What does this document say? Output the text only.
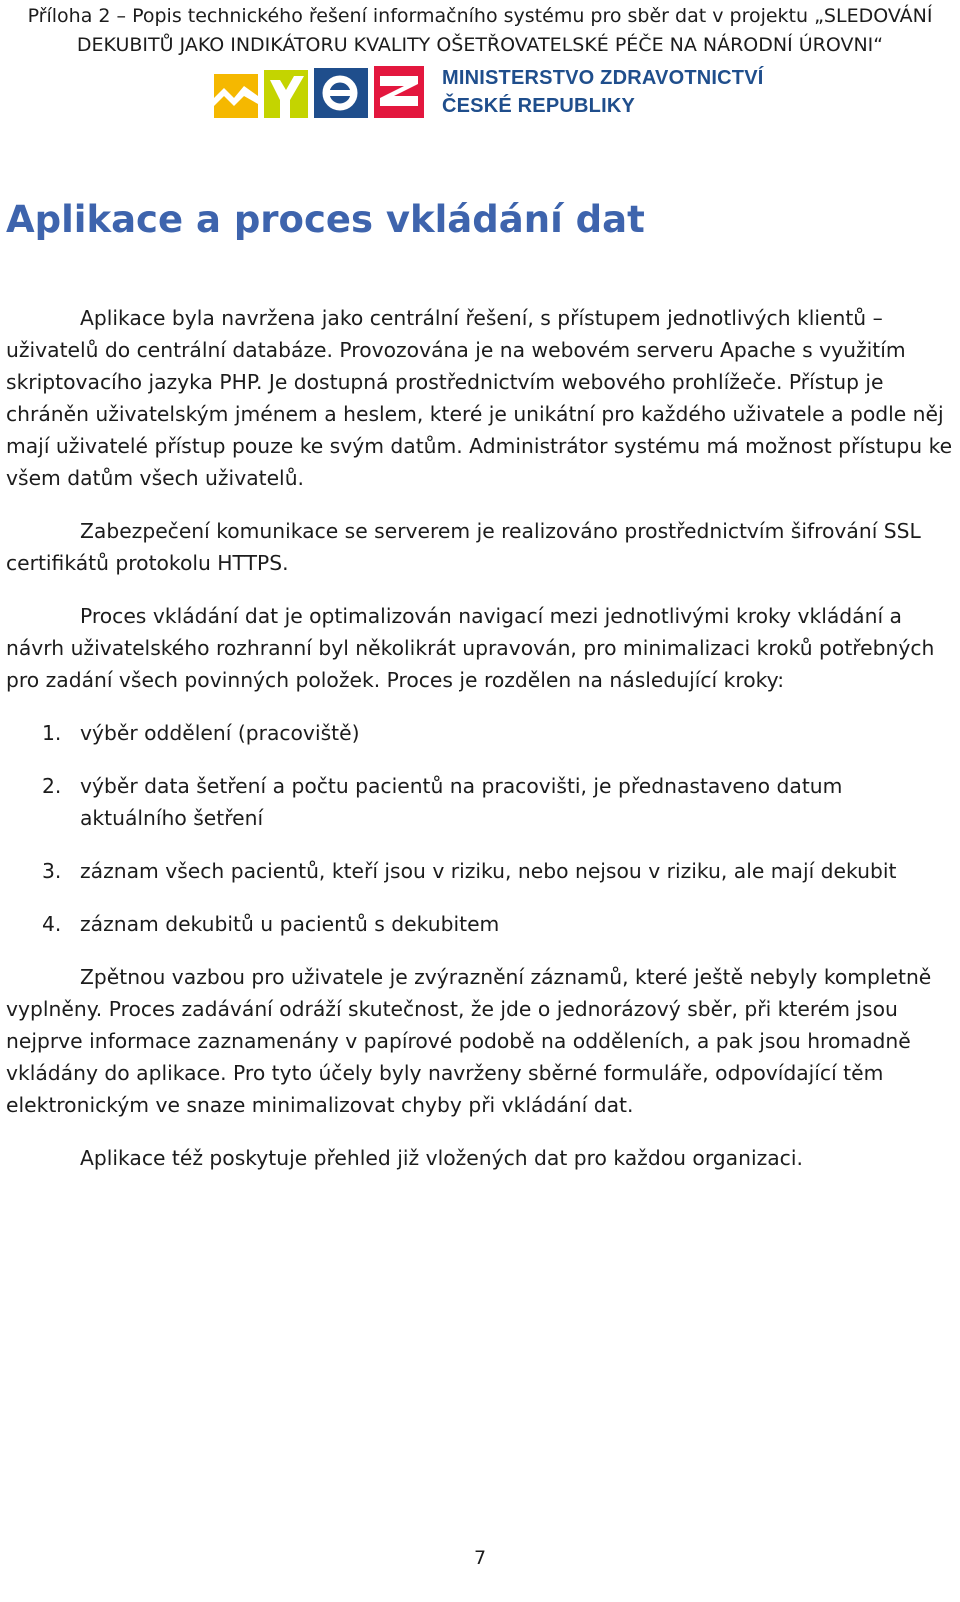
Příloha 2 – Popis technického řešení informačního systému pro sběr dat v projektu „SLEDOVÁNÍ
DEKUBITŮ JAKO INDIKÁTORU KVALITY OŠETŘOVATELSKÉ PÉČE NA NÁRODNÍ ÚROVNI“
MINISTERSTVO ZDRAVOTNICTVÍ
ČESKÉ REPUBLIKY
Aplikace a proces vkládání dat

Aplikace byla navržena jako centrální řešení, s přístupem jednotlivých klientů – uživatelů do centrální databáze. Provozována je na webovém serveru Apache s využitím skriptovacího jazyka PHP. Je dostupná prostřednictvím webového prohlížeče. Přístup je chráněn uživatelským jménem a heslem, které je unikátní pro každého uživatele a podle něj mají uživatelé přístup pouze ke svým datům. Administrátor systému má možnost přístupu ke všem datům všech uživatelů.

Zabezpečení komunikace se serverem je realizováno prostřednictvím šifrování SSL certifikátů protokolu HTTPS.

Proces vkládání dat je optimalizován navigací mezi jednotlivými kroky vkládání a návrh uživatelského rozhranní byl několikrát upravován, pro minimalizaci kroků potřebných pro zadání všech povinných položek. Proces je rozdělen na následující kroky:

1. výběr oddělení (pracoviště)
2. výběr data šetření a počtu pacientů na pracovišti, je přednastaveno datum aktuálního šetření
3. záznam všech pacientů, kteří jsou v riziku, nebo nejsou v riziku, ale mají dekubit
4. záznam dekubitů u pacientů s dekubitem

Zpětnou vazbou pro uživatele je zvýraznění záznamů, které ještě nebyly kompletně vyplněny. Proces zadávání odráží skutečnost, že jde o jednorázový sběr, při kterém jsou nejprve informace zaznamenány v papírové podobě na odděleních, a pak jsou hromadně vkládány do aplikace. Pro tyto účely byly navrženy sběrné formuláře, odpovídající těm elektronickým ve snaze minimalizovat chyby při vkládání dat.

Aplikace též poskytuje přehled již vložených dat pro každou organizaci.

7
